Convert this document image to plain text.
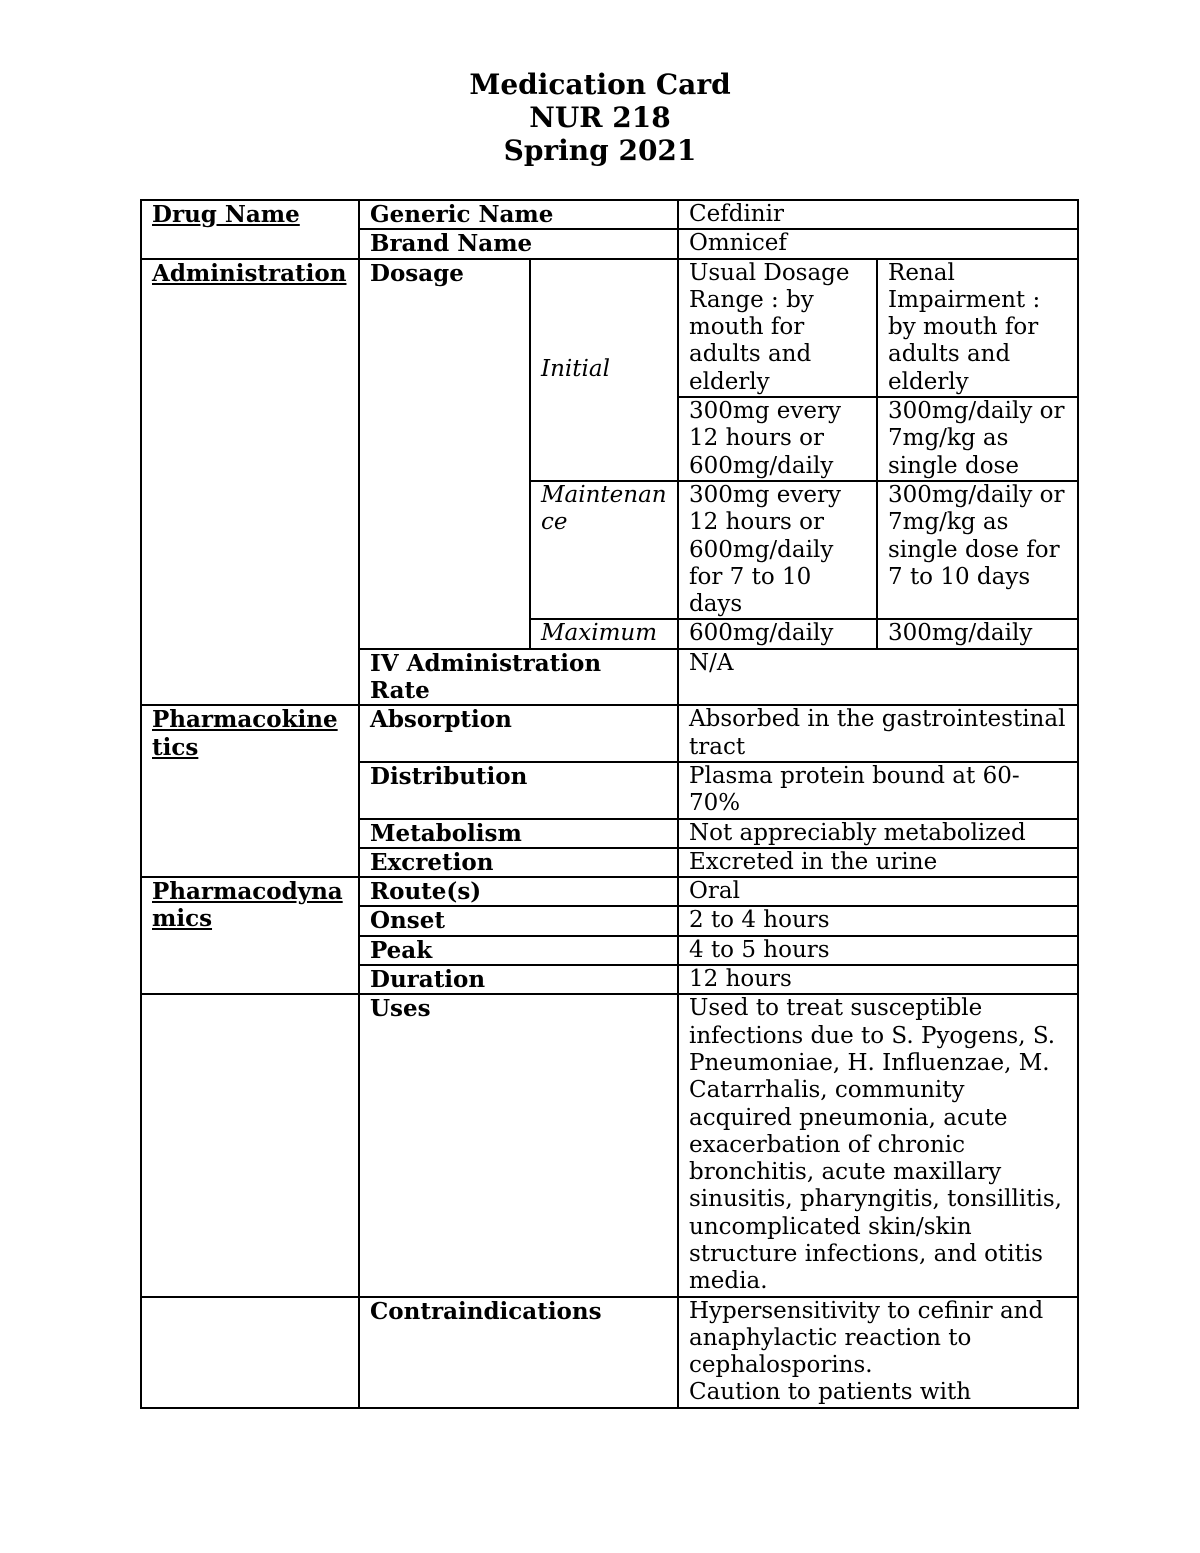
Medication Card
NUR 218
Spring 2021
Drug Name	Generic Name		Cefdinir	
	Brand Name		Omnicef	
Administration	Dosage	Initial	Usual Dosage Range : by mouth for adults and elderly	Renal Impairment : by mouth for adults and elderly
			300mg every 12 hours or 600mg/daily	300mg/daily or 7mg/kg as single dose
		Maintenance	300mg every 12 hours or 600mg/daily for 7 to 10 days	300mg/daily or 7mg/kg as single dose for 7 to 10 days
		Maximum	600mg/daily	300mg/daily

	IV Administration Rate		N/A	
Pharmacokinetics	Absorption		Absorbed in the gastrointestinal tract	
	Distribution		Plasma protein bound at 60-70%	
	Metabolism		Not appreciably metabolized	
	Excretion		Excreted in the urine	
Pharmacodynamics	Route(s)		Oral	
	Onset		2 to 4 hours	
	Peak		4 to 5 hours	
	Duration		12 hours	
	Uses		Used to treat susceptible infections due to S. Pyogens, S. Pneumoniae, H. Influenzae, M. Catarrhalis, community acquired pneumonia, acute exacerbation of chronic bronchitis, acute maxillary sinusitis, pharyngitis, tonsillitis, uncomplicated skin/skin structure infections, and otitis media.	
	Contraindications		Hypersensitivity to cefinir and anaphylactic reaction to cephalosporins.
Caution to patients with	
